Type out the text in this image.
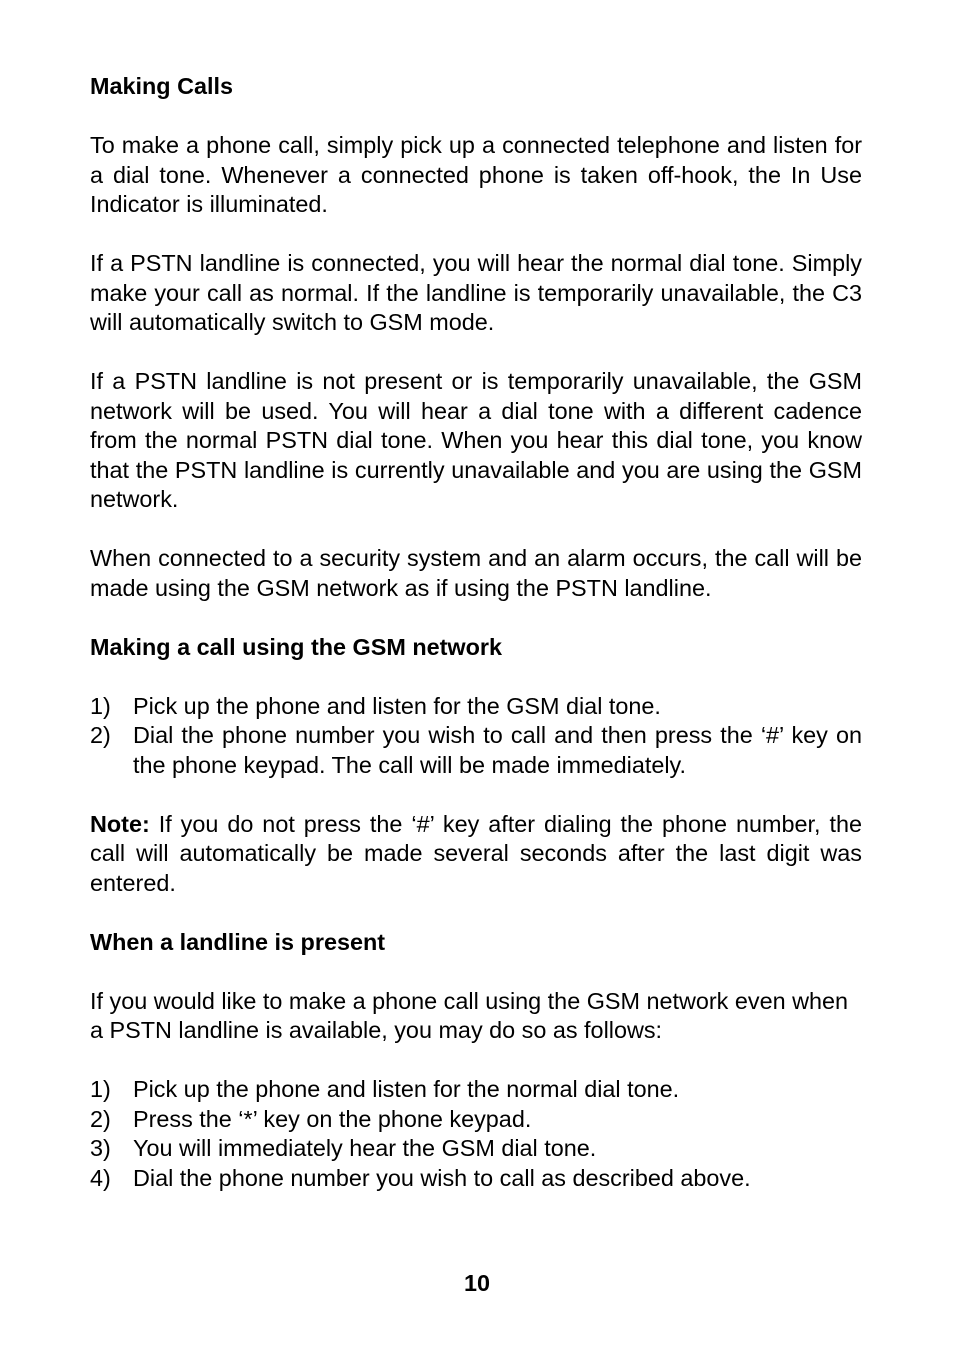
Making Calls

To make a phone call, simply pick up a connected telephone and listen for a dial tone. Whenever a connected phone is taken off-hook, the In Use Indicator is illuminated.

If a PSTN landline is connected, you will hear the normal dial tone. Simply make your call as normal. If the landline is temporarily unavailable, the C3 will automatically switch to GSM mode.

If a PSTN landline is not present or is temporarily unavailable, the GSM network will be used. You will hear a dial tone with a different cadence from the normal PSTN dial tone. When you hear this dial tone, you know that the PSTN landline is currently unavailable and you are using the GSM network.

When connected to a security system and an alarm occurs, the call will be made using the GSM network as if using the PSTN landline.

Making a call using the GSM network

1) Pick up the phone and listen for the GSM dial tone.
2) Dial the phone number you wish to call and then press the ‘#’ key on the phone keypad. The call will be made immediately.

Note: If you do not press the ‘#’ key after dialing the phone number, the call will automatically be made several seconds after the last digit was entered.

When a landline is present

If you would like to make a phone call using the GSM network even when a PSTN landline is available, you may do so as follows:

1) Pick up the phone and listen for the normal dial tone.
2) Press the ‘*’ key on the phone keypad.
3) You will immediately hear the GSM dial tone.
4) Dial the phone number you wish to call as described above.
10
